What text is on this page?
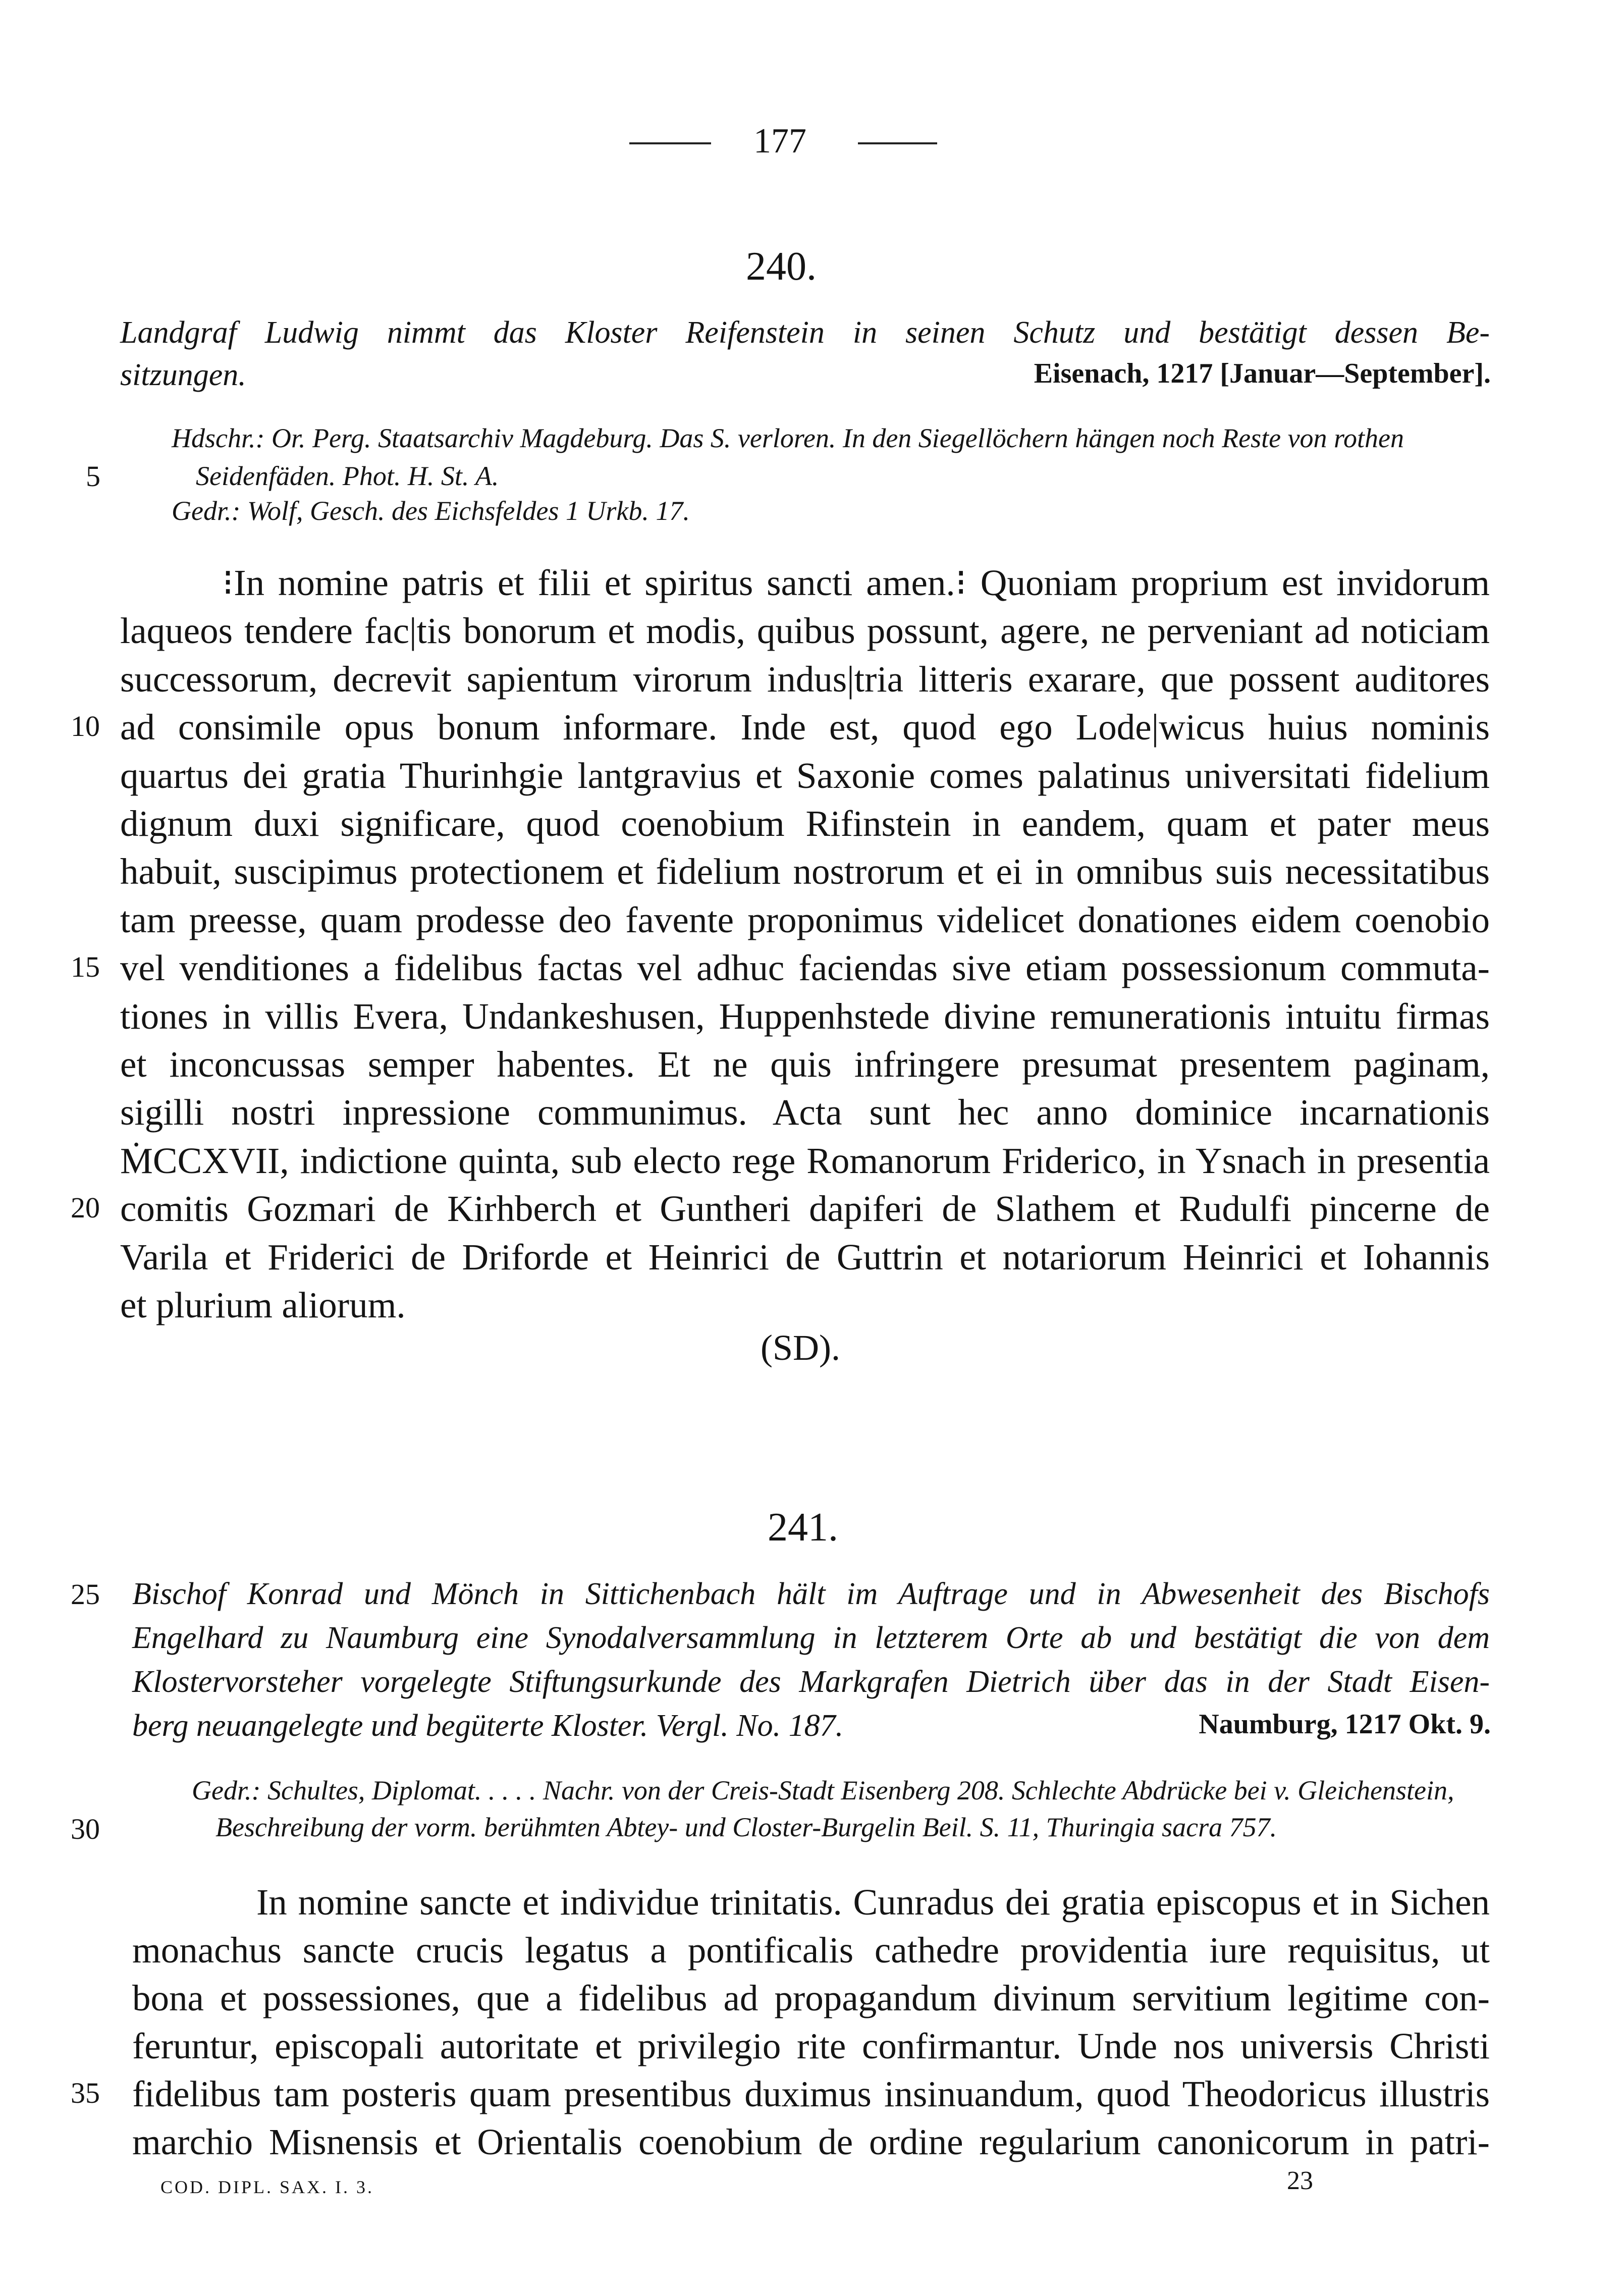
177
240.
Landgraf Ludwig nimmt das Kloster Reifenstein in seinen Schutz und bestätigt dessen Be-
sitzungen.	Eisenach, 1217 [Januar—September].
Hdschr.: Or. Perg. Staatsarchiv Magdeburg. Das S. verloren. In den Siegellöchern hängen noch Reste von rothen
Seidenfäden. Phot. H. St. A.
Gedr.: Wolf, Gesch. des Eichsfeldes 1 Urkb. 17.
⁝In nomine patris et filii et spiritus sancti amen.⁝ Quoniam proprium est invidorum
laqueos tendere fac|tis bonorum et modis, quibus possunt, agere, ne perveniant ad noticiam
successorum, decrevit sapientum virorum indus|tria litteris exarare, que possent auditores
ad consimile opus bonum informare. Inde est, quod ego Lode|wicus huius nominis
quartus dei gratia Thurinhgie lantgravius et Saxonie comes palatinus universitati fidelium
dignum duxi significare, quod coenobium Rifinstein in eandem, quam et pater meus
habuit, suscipimus protectionem et fidelium nostrorum et ei in omnibus suis necessitatibus
tam preesse, quam prodesse deo favente proponimus videlicet donationes eidem coenobio
vel venditiones a fidelibus factas vel adhuc faciendas sive etiam possessionum commuta-
tiones in villis Evera, Undankeshusen, Huppenhstede divine remunerationis intuitu firmas
et inconcussas semper habentes. Et ne quis infringere presumat presentem paginam,
sigilli nostri inpressione communimus. Acta sunt hec anno dominice incarnationis
ṀCCXVII, indictione quinta, sub electo rege Romanorum Friderico, in Ysnach in presentia
comitis Gozmari de Kirhberch et Guntheri dapiferi de Slathem et Rudulfi pincerne de
Varila et Friderici de Driforde et Heinrici de Guttrin et notariorum Heinrici et Iohannis
et plurium aliorum.
(SD).
241.
Bischof Konrad und Mönch in Sittichenbach hält im Auftrage und in Abwesenheit des Bischofs
Engelhard zu Naumburg eine Synodalversammlung in letzterem Orte ab und bestätigt die von dem
Klostervorsteher vorgelegte Stiftungsurkunde des Markgrafen Dietrich über das in der Stadt Eisen-
berg neuangelegte und begüterte Kloster. Vergl. No. 187.	Naumburg, 1217 Okt. 9.
Gedr.: Schultes, Diplomat. . . . . Nachr. von der Creis-Stadt Eisenberg 208. Schlechte Abdrücke bei v. Gleichenstein,
Beschreibung der vorm. berühmten Abtey- und Closter-Burgelin Beil. S. 11, Thuringia sacra 757.
In nomine sancte et individue trinitatis. Cunradus dei gratia episcopus et in Sichen
monachus sancte crucis legatus a pontificalis cathedre providentia iure requisitus, ut
bona et possessiones, que a fidelibus ad propagandum divinum servitium legitime con-
feruntur, episcopali autoritate et privilegio rite confirmantur. Unde nos universis Christi
fidelibus tam posteris quam presentibus duximus insinuandum, quod Theodoricus illustris
marchio Misnensis et Orientalis coenobium de ordine regularium canonicorum in patri-
5
10
15
20
25
30
35
COD. DIPL. SAX. I. 3.	23
